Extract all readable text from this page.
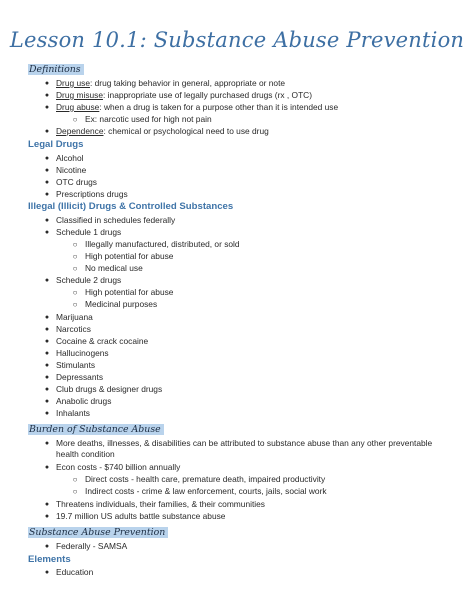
Lesson 10.1: Substance Abuse Prevention
Definitions
● Drug use: drug taking behavior in general, appropriate or note
● Drug misuse: inappropriate use of legally purchased drugs (rx , OTC)
● Drug abuse: when a drug is taken for a purpose other than it is intended use
○ Ex: narcotic used for high not pain
● Dependence: chemical or psychological need to use drug
Legal Drugs
● Alcohol
● Nicotine
● OTC drugs
● Prescriptions drugs
Illegal (Illicit) Drugs & Controlled Substances
● Classified in schedules federally
● Schedule 1 drugs
○ Illegally manufactured, distributed, or sold
○ High potential for abuse
○ No medical use
● Schedule 2 drugs
○ High potential for abuse
○ Medicinal purposes
● Marijuana
● Narcotics
● Cocaine & crack cocaine
● Hallucinogens
● Stimulants
● Depressants
● Club drugs & designer drugs
● Anabolic drugs
● Inhalants
Burden of Substance Abuse
● More deaths, illnesses, & disabilities can be attributed to substance abuse than any other preventable health condition
● Econ costs - $740 billion annually
○ Direct costs - health care, premature death, impaired productivity
○ Indirect costs - crime & law enforcement, courts, jails, social work
● Threatens individuals, their families, & their communities
● 19.7 million US adults battle substance abuse
Substance Abuse Prevention
● Federally - SAMSA
Elements
● Education
